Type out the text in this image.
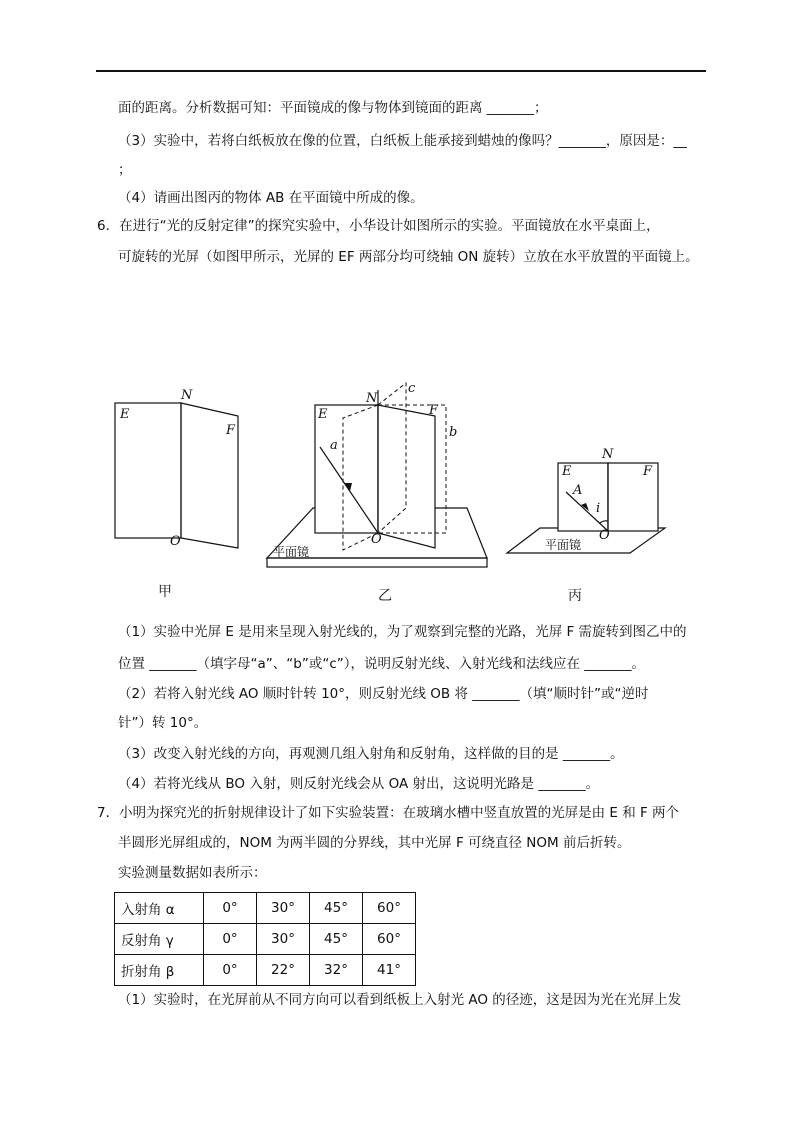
面的距离。分析数据可知：平面镜成的像与物体到镜面的距离 _______；
（3）实验中，若将白纸板放在像的位置，白纸板上能承接到蜡烛的像吗？_______，原因是：__
；
（4）请画出图丙的物体 AB 在平面镜中所成的像。
6．在进行“光的反射定律”的探究实验中，小华设计如图所示的实验。平面镜放在水平桌面上，
可旋转的光屏（如图甲所示，光屏的 EF 两部分均可绕轴 ON 旋转）立放在水平放置的平面镜上。
E
N
F
O
甲
E
N
F
O
a
b
c
平面镜
乙
E
N
F
O
A
i
平面镜
丙
（1）实验中光屏 E 是用来呈现入射光线的，为了观察到完整的光路，光屏 F 需旋转到图乙中的
位置 _______（填字母“a”、“b”或“c”），说明反射光线、入射光线和法线应在 _______。
（2）若将入射光线 AO 顺时针转 10°，则反射光线 OB 将 _______（填“顺时针”或“逆时
针”）转 10°。
（3）改变入射光线的方向，再观测几组入射角和反射角，这样做的目的是 _______。
（4）若将光线从 BO 入射，则反射光线会从 OA 射出，这说明光路是 _______。
7．小明为探究光的折射规律设计了如下实验装置：在玻璃水槽中竖直放置的光屏是由 E 和 F 两个
半圆形光屏组成的，NOM 为两半圆的分界线，其中光屏 F 可绕直径 NOM 前后折转。
实验测量数据如表所示：
入射角 α	0°	30°	45°	60°
反射角 γ	0°	30°	45°	60°
折射角 β	0°	22°	32°	41°
（1）实验时，在光屏前从不同方向可以看到纸板上入射光 AO 的径迹，这是因为光在光屏上发
